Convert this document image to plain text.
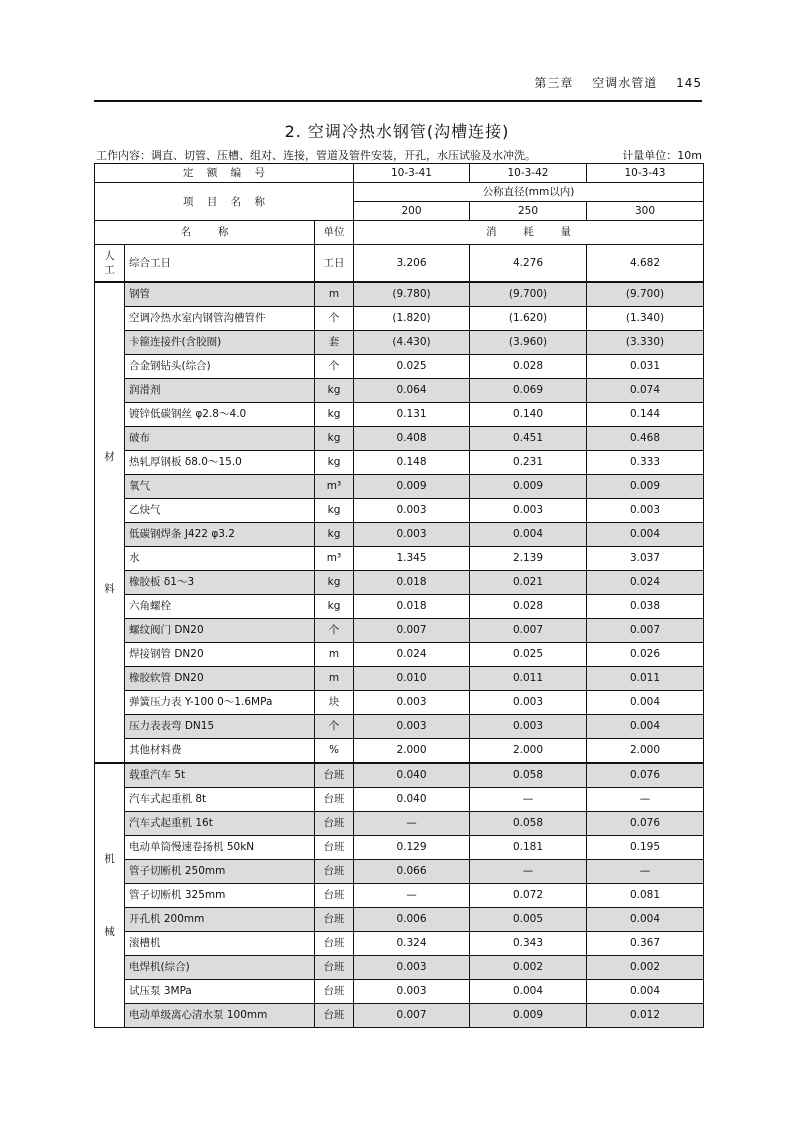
第三章 空调水管道 145
2. 空调冷热水钢管(沟槽连接)
工作内容：调直、切管、压槽、组对、连接，管道及管件安装，开孔，水压试验及水冲洗。	计量单位：10m
定    额    编    号			10-3-41	10-3-42	10-3-43
项    目    名    称			公称直径(mm以内)		
			200	250	300
名        称		单位	消        耗        量		

人
工	综合工日	工日	3.206	4.276	4.682

材
料	钢管	m	(9.780)	(9.700)	(9.700)
	空调冷热水室内钢管沟槽管件	个	(1.820)	(1.620)	(1.340)
	卡箍连接件(含胶圈)	套	(4.430)	(3.960)	(3.330)
	合金钢钻头(综合)	个	0.025	0.028	0.031
	润滑剂	kg	0.064	0.069	0.074
	镀锌低碳钢丝 φ2.8～4.0	kg	0.131	0.140	0.144
	破布	kg	0.408	0.451	0.468
	热轧厚钢板 δ8.0～15.0	kg	0.148	0.231	0.333
	氧气	m³	0.009	0.009	0.009
	乙炔气	kg	0.003	0.003	0.003
	低碳钢焊条 J422 φ3.2	kg	0.003	0.004	0.004
	水	m³	1.345	2.139	3.037
	橡胶板 δ1～3	kg	0.018	0.021	0.024
	六角螺栓	kg	0.018	0.028	0.038
	螺纹阀门 DN20	个	0.007	0.007	0.007
	焊接钢管 DN20	m	0.024	0.025	0.026
	橡胶软管 DN20	m	0.010	0.011	0.011
	弹簧压力表 Y-100 0～1.6MPa	块	0.003	0.003	0.004
	压力表表弯 DN15	个	0.003	0.003	0.004
	其他材料费	%	2.000	2.000	2.000

机
械	载重汽车 5t	台班	0.040	0.058	0.076
	汽车式起重机 8t	台班	0.040	—	—
	汽车式起重机 16t	台班	—	0.058	0.076
	电动单筒慢速卷扬机 50kN	台班	0.129	0.181	0.195
	管子切断机 250mm	台班	0.066	—	—
	管子切断机 325mm	台班	—	0.072	0.081
	开孔机 200mm	台班	0.006	0.005	0.004
	滚槽机	台班	0.324	0.343	0.367
	电焊机(综合)	台班	0.003	0.002	0.002
	试压泵 3MPa	台班	0.003	0.004	0.004
	电动单级离心清水泵 100mm	台班	0.007	0.009	0.012
